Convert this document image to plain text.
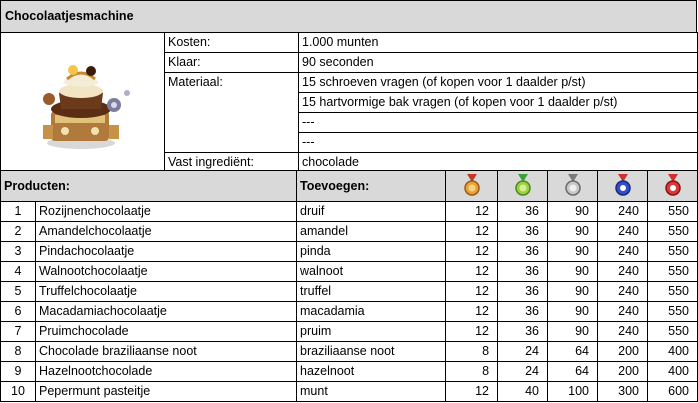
Chocolaatjesmachine
	Kosten:	1.000 munten
	Klaar:	90 seconden
	Materiaal:	15 schroeven vragen (of kopen voor 1 daalder p/st)
		15 hartvormige bak vragen (of kopen voor 1 daalder p/st)
		---
		---
	Vast ingrediënt:	chocolade
Producten:		Toevoegen:					
1	Rozijnenchocolaatje	druif	12	36	90	240	550
2	Amandelchocolaatje	amandel	12	36	90	240	550
3	Pindachocolaatje	pinda	12	36	90	240	550
4	Walnootchocolaatje	walnoot	12	36	90	240	550
5	Truffelchocolaatje	truffel	12	36	90	240	550
6	Macadamiachocolaatje	macadamia	12	36	90	240	550
7	Pruimchocolade	pruim	12	36	90	240	550
8	Chocolade braziliaanse noot	braziliaanse noot	8	24	64	200	400
9	Hazelnootchocolade	hazelnoot	8	24	64	200	400
10	Pepermunt pasteitje	munt	12	40	100	300	600
